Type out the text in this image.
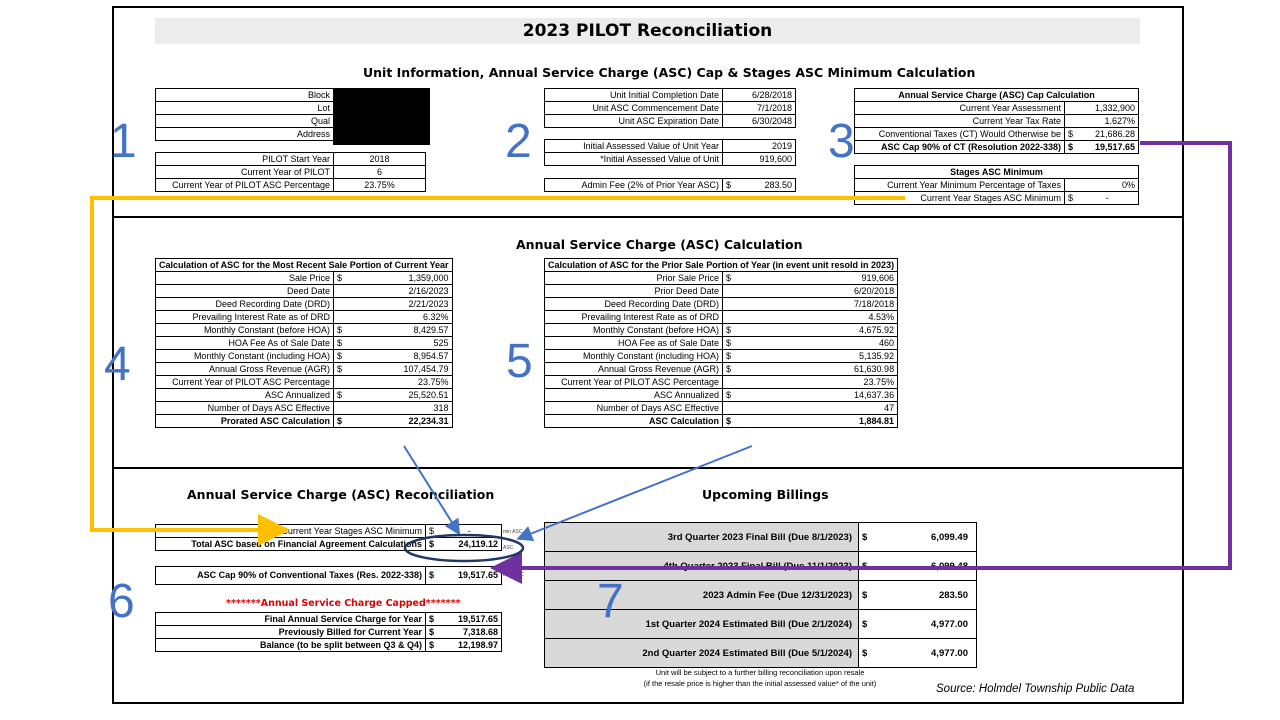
2023 PILOT Reconciliation
Unit Information, Annual Service Charge (ASC) Cap & Stages ASC Minimum Calculation
Annual Service Charge (ASC) Calculation
Annual Service Charge (ASC) Reconciliation	Upcoming Billings
Block	
Lot	
Qual	
Address	
PILOT Start Year	2018
Current Year of PILOT	6
Current Year of PILOT ASC Percentage	23.75%
Unit Initial Completion Date	6/28/2018
Unit ASC Commencement Date	7/1/2018
Unit ASC Expiration Date	6/30/2048
Initial Assessed Value of Unit Year	2019
*Initial Assessed Value of Unit	919,600
Admin Fee (2% of Prior Year ASC)	$	283.50
Annual Service Charge (ASC) Cap Calculation		
Current Year Assessment	1,332,900	
Current Year Tax Rate	1.627%	
Conventional Taxes (CT) Would Otherwise be	$	21,686.28
ASC Cap 90% of CT (Resolution 2022-338)	$	19,517.65
Stages ASC Minimum		
Current Year Minimum Percentage of Taxes	0%	
Current Year Stages ASC Minimum	$	-
Calculation of ASC for the Most Recent Sale Portion of Current Year		
Sale Price	$	1,359,000
Deed Date		2/16/2023
Deed Recording Date (DRD)		2/21/2023
Prevailing Interest Rate as of DRD		6.32%
Monthly Constant (before HOA)	$	8,429.57
HOA Fee As of Sale Date	$	525
Monthly Constant (including HOA)	$	8,954.57
Annual Gross Revenue (AGR)	$	107,454.79
Current Year of PILOT ASC Percentage		23.75%
ASC Annualized	$	25,520.51
Number of Days ASC Effective		318
Prorated ASC Calculation	$	22,234.31
Calculation of ASC for the Prior Sale Portion of Year (in event unit resold in 2023)		
Prior Sale Price	$	919,606
Prior Deed Date		6/20/2018
Deed Recording Date (DRD)		7/18/2018
Prevailing Interest Rate as of DRD		4.53%
Monthly Constant (before HOA)	$	4,675.92
HOA Fee as of Sale Date	$	460
Monthly Constant (including HOA)	$	5,135.92
Annual Gross Revenue (AGR)	$	61,630.98
Current Year of PILOT ASC Percentage		23.75%
ASC Annualized	$	14,637.36
Number of Days ASC Effective		47
ASC Calculation	$	1,884.81
Current Year Stages ASC Minimum	$	-
Total ASC based on Financial Agreement Calculations	$	24,119.12
ASC Cap 90% of Conventional Taxes (Res. 2022-338)	$	19,517.65
min ASC
ASC
max ASC
*******Annual Service Charge Capped*******
Final Annual Service Charge for Year	$	19,517.65
Previously Billed for Current Year	$	7,318.68
Balance (to be split between Q3 & Q4)	$	12,198.97
3rd Quarter 2023 Final Bill (Due 8/1/2023)	$	6,099.49
4th Quarter 2023 Final Bill (Due 11/1/2023)	$	6,099.48
2023 Admin Fee (Due 12/31/2023)	$	283.50
1st Quarter 2024 Estimated Bill (Due 2/1/2024)	$	4,977.00
2nd Quarter 2024 Estimated Bill (Due 5/1/2024)	$	4,977.00
Unit will be subject to a further billing reconciliation upon resale
(if the resale price is higher than the initial assessed value* of the unit)	Source: Holmdel Township Public Data
1	2	3
4	5
6	7
